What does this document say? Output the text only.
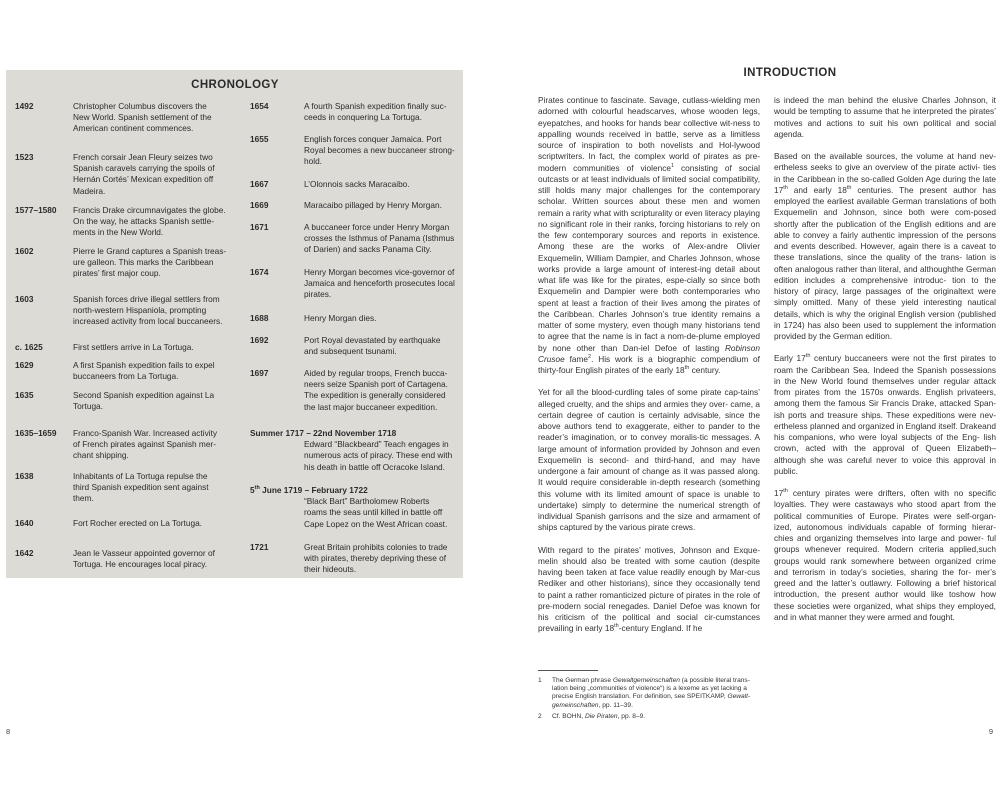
CHRONOLOGY
1492	Christopher Columbus discovers the
New World. Spanish settlement of the
American continent commences.
1523	French corsair Jean Fleury seizes two
Spanish caravels carrying the spoils of
Hernán Cortés’ Mexican expedition off
Madeira.
1577–1580	Francis Drake circumnavigates the globe.
On the way, he attacks Spanish settle-
ments in the New World.
1602	Pierre le Grand captures a Spanish treas-
ure galleon. This marks the Caribbean
pirates’ first major coup.
1603	Spanish forces drive illegal settlers from
north-western Hispaniola, prompting
increased activity from local buccaneers.
c. 1625	First settlers arrive in La Tortuga.
1629	A first Spanish expedition fails to expel
buccaneers from La Tortuga.
1635	Second Spanish expedition against La
Tortuga.
1635–1659	Franco-Spanish War. Increased activity
of French pirates against Spanish mer-
chant shipping.
1638	Inhabitants of La Tortuga repulse the
third Spanish expedition sent against
them.
1640	Fort Rocher erected on La Tortuga.
1642	Jean le Vasseur appointed governor of
Tortuga. He encourages local piracy.
1654	A fourth Spanish expedition finally suc-
ceeds in conquering La Tortuga.
1655	English forces conquer Jamaica. Port
Royal becomes a new buccaneer strong-
hold.
1667	L’Olonnois sacks Maracaibo.
1669	Maracaibo pillaged by Henry Morgan.
1671	A buccaneer force under Henry Morgan
crosses the Isthmus of Panama (Isthmus
of Darien) and sacks Panama City.
1674	Henry Morgan becomes vice-governor of
Jamaica and henceforth prosecutes local
pirates.
1688	Henry Morgan dies.
1692	Port Royal devastated by earthquake
and subsequent tsunami.
1697	Aided by regular troops, French bucca-
neers seize Spanish port of Cartagena.
The expedition is generally considered
the last major buccaneer expedition.
Summer 1717 – 22nd November 1718
Edward “Blackbeard” Teach engages in
numerous acts of piracy. These end with
his death in battle off Ocracoke Island.
5th June 1719 – February 1722
“Black Bart” Bartholomew Roberts
roams the seas until killed in battle off
Cape Lopez on the West African coast.
1721	Great Britain prohibits colonies to trade
with pirates, thereby depriving these of
their hideouts.
8
INTRODUCTION

Pirates continue to fascinate. Savage, cutlass-wielding men adorned with colourful headscarves, whose wooden legs, eyepatches, and hooks for hands bear collective wit-ness to appalling wounds received in battle, serve as a limitless source of inspiration to both novelists and Hol-lywood scriptwriters. In fact, the complex world of pirates as pre-modern communities of violence$^1$ consisting of social outcasts or at least individuals of limited social compatibility, still holds many major challenges for the contemporary scholar. Written sources about these men and women remain a rarity what with scripturality or even literacy playing no significant role in their ranks, forcing historians to rely on the few contemporary sources and reports in existence. Among these are the works of Alex-andre Olivier Exquemelin, William Dampier, and Charles Johnson, whose works provide a large amount of interest-ing detail about what life was like for the pirates, espe-cially so since both Exquemelin and Dampier were both contemporaries who spent at least a fraction of their lives among the pirates of the Caribbean. Charles Johnson’s true identity remains a matter of some mystery, even though many historians tend to agree that the name is in fact a nom-de-plume employed by none other than Dan-iel Defoe of lasting Robinson Crusoe fame$^2$. His work is a biographic compendium of thirty-four English pirates of the early 18th century.

Yet for all the blood-curdling tales of some pirate cap-tains’ alleged cruelty, and the ships and armies they over- came, a certain degree of caution is certainly advisable, since the above authors tend to exaggerate, either to pander to the reader’s imagination, or to convey moralis-tic messages. A large amount of information provided by Johnson and even Exquemelin is second- and third-hand, and may have undergone a fair amount of change as it was passed along. It would require considerable in-depth research (something this volume with its limited amount of space is unable to undertake) simply to determine the numerical strength of individual Spanish garrisons and the size and armament of ships captured by the various pirate crews.

With regard to the pirates’ motives, Johnson and Exque-melin should also be treated with some caution (despite having been taken at face value readily enough by Mar-cus Rediker and other historians), since they occasionally tend to paint a rather romanticized picture of pirates in the role of pre-modern social renegades. Daniel Defoe was known for his criticism of the political and social cir-cumstances prevailing in early 18th-century England. If he

is indeed the man behind the elusive Charles Johnson, it would be tempting to assume that he interpreted the pirates’ motives and actions to suit his own political and social agenda.

Based on the available sources, the volume at hand nev-ertheless seeks to give an overview of the pirate activi- ties in the Caribbean in the so-called Golden Age during the late 17th and early 18th centuries. The present author has employed the earliest available German translations of both Exquemelin and Johnson, since both were com-posed shortly after the publication of the English editions and are able to convey a fairly authentic impression of the persons and events described. However, again there is a caveat to these translations, since the quality of the trans- lation is often analogous rather than literal, and althoughthe German edition includes a comprehensive introduc- tion to the history of piracy, large passages of the originaltext were simply omitted. Many of these yield interesting nautical details, which is why the original English version (published in 1724) has also been used to supplement the information provided by the German edition.

Early 17th century buccaneers were not the first pirates to roam the Caribbean Sea. Indeed the Spanish possessions in the New World found themselves under regular attack from pirates from the 1570s onwards. English privateers, among them the famous Sir Francis Drake, attacked Span-ish ports and treasure ships. These expeditions were nev- ertheless planned and organized in England itself. Drakeand his companions, who were loyal subjects of the Eng- lish crown, acted with the approval of Queen Elizabeth– although she was careful never to voice this approval in public.

17th century pirates were drifters, often with no specific loyalties. They were castaways who stood apart from the political communities of Europe. Pirates were self-organ- ized, autonomous individuals capable of forming hierar-chies and organizing themselves into large and power- ful groups whenever required. Modern criteria applied,such groups would rank somewhere between organized crime and terrorism in today’s societies, sharing the for- mer’s greed and the latter’s outlawry. Following a brief historical introduction, the present author would like toshow how these societies were organized, what ships they employed, and in what manner they were armed and fought.

1 The German phrase Gewaltgemeinschaften (a possible literal trans- lation being „communities of violence“) is a lexeme as yet lacking a precise English translation. For definition, see SPEITKAMP, Gewalt-gemeinschaften, pp. 11–39.
2 Cf. BOHN, Die Piraten, pp. 8–9.
9
